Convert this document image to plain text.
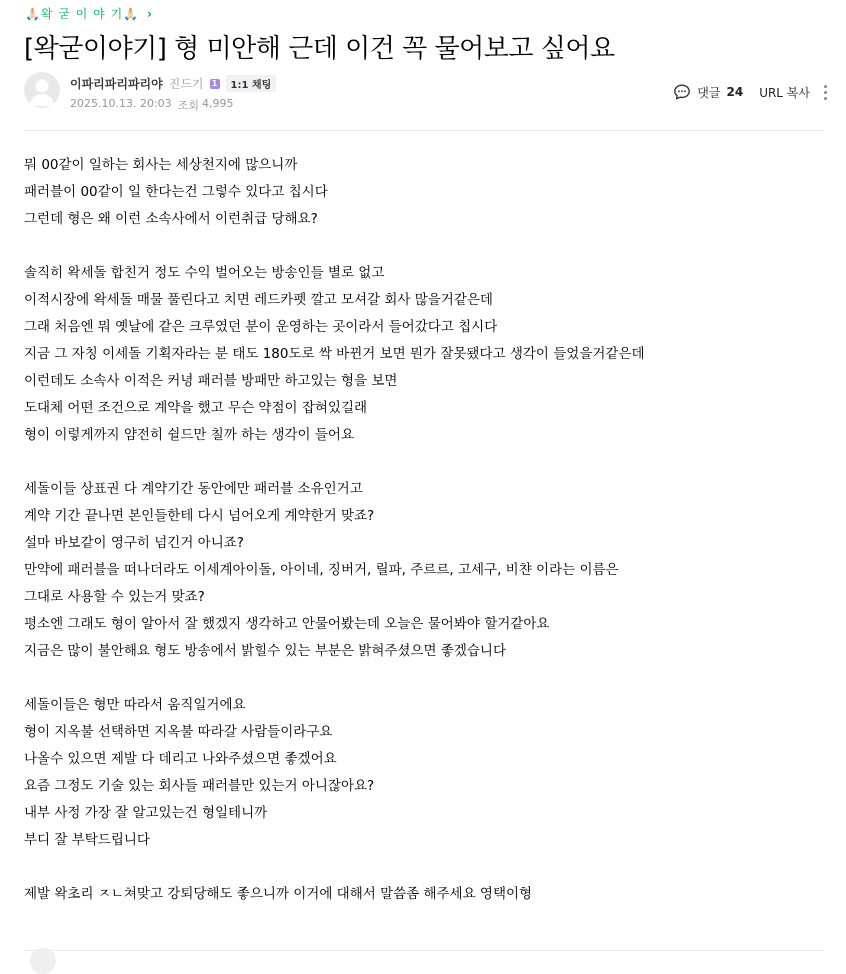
🙏🏻왁 굳 이 야 기🙏🏻 ›
[왁굳이야기] 형 미안해 근데 이건 꼭 물어보고 싶어요
이파리파리파리야 진드기 1	1:1 채팅
2025.10.13. 20:03 조회 4,995
댓글 24 URL 복사

뭐 00같이 일하는 회사는 세상천지에 많으니까

패러블이 00같이 일 한다는건 그렇수 있다고 칩시다

그런데 형은 왜 이런 소속사에서 이런취급 당해요?

솔직히 왁세돌 합친거 정도 수익 벌어오는 방송인들 별로 없고

이적시장에 왁세돌 매물 풀린다고 치면 레드카펫 깔고 모셔갈 회사 많을거같은데

그래 처음엔 뭐 옛날에 같은 크루였던 분이 운영하는 곳이라서 들어갔다고 칩시다

지금 그 자칭 이세돌 기획자라는 분 태도 180도로 싹 바뀐거 보면 뭔가 잘못됐다고 생각이 들었을거같은데

이런데도 소속사 이적은 커녕 패러블 방패만 하고있는 형을 보면

도대체 어떤 조건으로 계약을 했고 무슨 약점이 잡혀있길래

형이 이렇게까지 얌전히 쉴드만 칠까 하는 생각이 들어요

세돌이들 상표권 다 계약기간 동안에만 패러블 소유인거고

계약 기간 끝나면 본인들한테 다시 넘어오게 계약한거 맞죠?

설마 바보같이 영구히 넘긴거 아니죠?

만약에 패러블을 떠나더라도 이세계아이돌, 아이네, 징버거, 릴파, 주르르, 고세구, 비챤 이라는 이름은

그대로 사용할 수 있는거 맞죠?

평소엔 그래도 형이 알아서 잘 했겠지 생각하고 안물어봤는데 오늘은 물어봐야 할거같아요

지금은 많이 불안해요 형도 방송에서 밝힐수 있는 부분은 밝혀주셨으면 좋겠습니다

세돌이들은 형만 따라서 움직일거에요

형이 지옥불 선택하면 지옥불 따라갈 사람들이라구요

나올수 있으면 제발 다 데리고 나와주셨으면 좋겠어요

요즘 그정도 기술 있는 회사들 패러블만 있는거 아니잖아요?

내부 사정 가장 잘 알고있는건 형일테니까

부디 잘 부탁드립니다

제발 왁초리 ㅈㄴ쳐맞고 강퇴당해도 좋으니까 이거에 대해서 말씀좀 해주세요 영택이형
